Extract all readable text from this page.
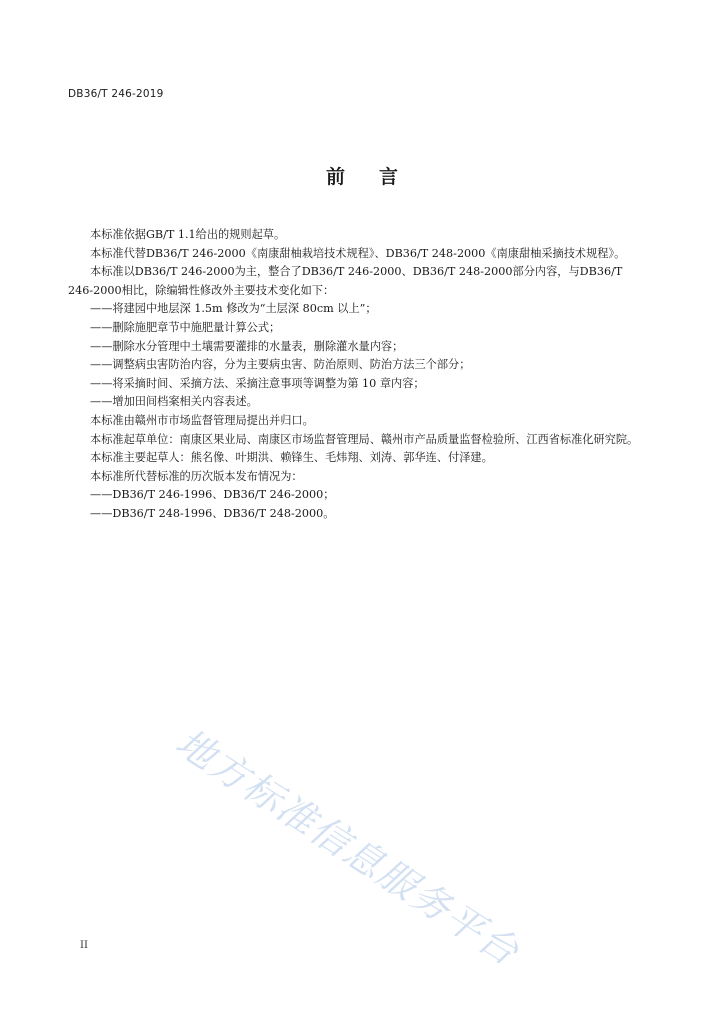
DB36/T 246-2019
前 言

本标准依据GB/T 1.1给出的规则起草。

本标准代替DB36/T 246-2000《南康甜柚栽培技术规程》、DB36/T 248-2000《南康甜柚采摘技术规程》。

本标准以DB36/T 246-2000为主，整合了DB36/T 246-2000、DB36/T 248-2000部分内容，与DB36/T 246-2000相比，除编辑性修改外主要技术变化如下：

——将建园中地层深 1.5m 修改为“土层深 80cm 以上”；

——删除施肥章节中施肥量计算公式；

——删除水分管理中土壤需要灌排的水量表，删除灌水量内容；

——调整病虫害防治内容，分为主要病虫害、防治原则、防治方法三个部分；

——将采摘时间、采摘方法、采摘注意事项等调整为第 10 章内容；

——增加田间档案相关内容表述。

本标准由赣州市市场监督管理局提出并归口。

本标准起草单位：南康区果业局、南康区市场监督管理局、赣州市产品质量监督检验所、江西省标准化研究院。

本标准主要起草人：熊名像、叶期洪、赖锋生、毛炜翔、刘涛、郭华连、付泽建。

本标准所代替标准的历次版本发布情况为：

——DB36/T 246-1996、DB36/T 246-2000；

——DB36/T 248-1996、DB36/T 248-2000。

地方标准信息服务平台
II
